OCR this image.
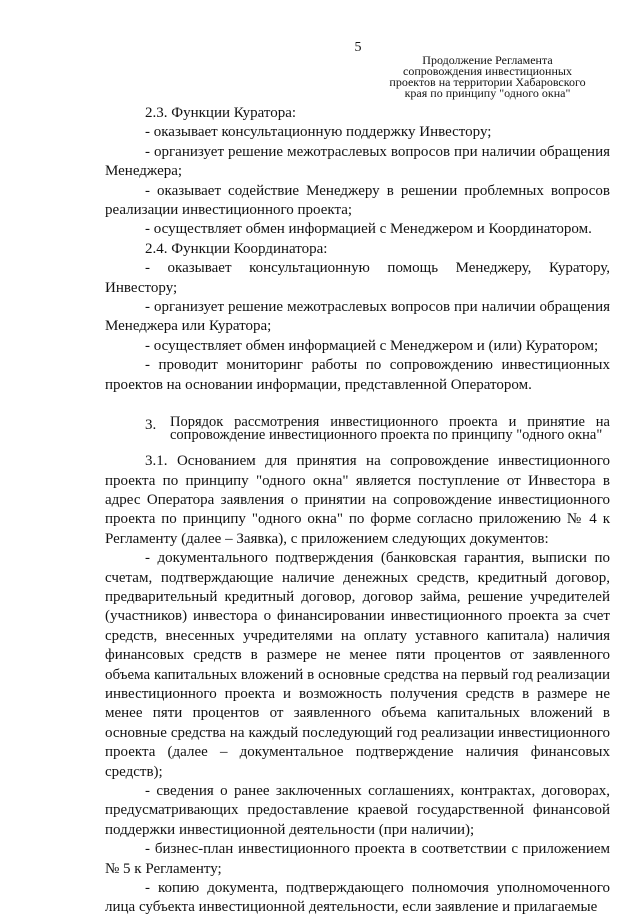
5
Продолжение Регламента
сопровождения инвестиционных
проектов на территории Хабаровского
края по принципу "одного окна"

2.3. Функции Куратора:

- оказывает консультационную поддержку Инвестору;

- организует решение межотраслевых вопросов при наличии обращения Менеджера;

- оказывает содействие Менеджеру в решении проблемных вопросов реализации инвестиционного проекта;

- осуществляет обмен информацией с Менеджером и Координатором.

2.4. Функции Координатора:

- оказывает консультационную помощь Менеджеру, Куратору, Инвестору;

- организует решение межотраслевых вопросов при наличии обращения Менеджера или Куратора;

- осуществляет обмен информацией с Менеджером и (или) Куратором;

- проводит мониторинг работы по сопровождению инвестиционных проектов на основании информации, представленной Оператором.

3. Порядок рассмотрения инвестиционного проекта и принятие на сопровождение инвестиционного проекта по принципу "одного окна"

3.1. Основанием для принятия на сопровождение инвестиционного проекта по принципу "одного окна" является поступление от Инвестора в адрес Оператора заявления о принятии на сопровождение инвестиционного проекта по принципу "одного окна" по форме согласно приложению № 4 к Регламенту (далее – Заявка), с приложением следующих документов:

- документального подтверждения (банковская гарантия, выписки по счетам, подтверждающие наличие денежных средств, кредитный договор, предварительный кредитный договор, договор займа, решение учредителей (участников) инвестора о финансировании инвестиционного проекта за счет средств, внесенных учредителями на оплату уставного капитала) наличия финансовых средств в размере не менее пяти процентов от заявленного объема капитальных вложений в основные средства на первый год реализации инвестиционного проекта и возможность получения средств в размере не менее пяти процентов от заявленного объема капитальных вложений в основные средства на каждый последующий год реализации инвестиционного проекта (далее – документальное подтверждение наличия финансовых средств);

- сведения о ранее заключенных соглашениях, контрактах, договорах, предусматривающих предоставление краевой государственной финансовой поддержки инвестиционной деятельности (при наличии);

- бизнес-план инвестиционного проекта в соответствии с приложением № 5 к Регламенту;

- копию документа, подтверждающего полномочия уполномоченного лица субъекта инвестиционной деятельности, если заявление и прилагаемые
